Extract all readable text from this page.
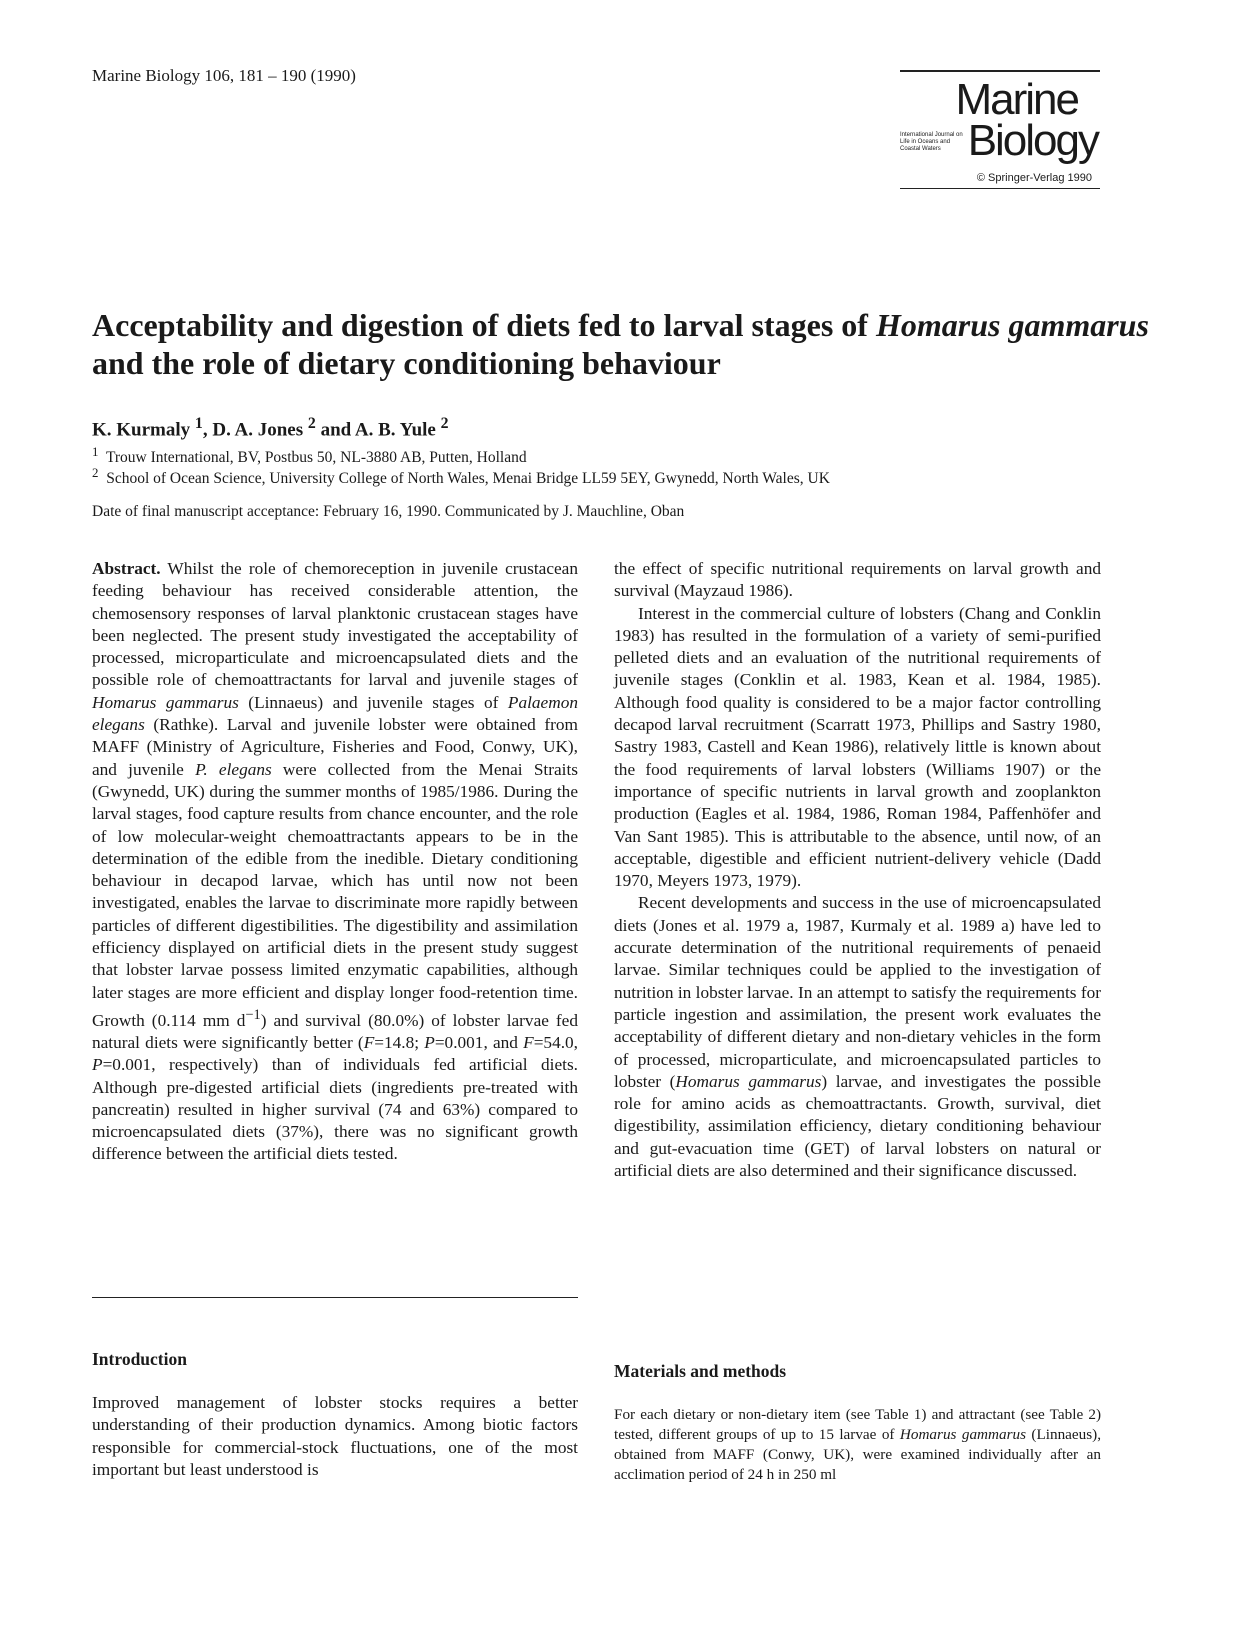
Marine Biology 106, 181 – 190 (1990)	Marine
International Journal on Life in Oceans and Coastal Waters Biology
© Springer-Verlag 1990
Acceptability and digestion of diets fed to larval stages of Homarus gammarus and the role of dietary conditioning behaviour
K. Kurmaly $^1$, D. A. Jones $^2$ and A. B. Yule $^2$
$^1$ Trouw International, BV, Postbus 50, NL-3880 AB, Putten, Holland
$^2$ School of Ocean Science, University College of North Wales, Menai Bridge LL59 5EY, Gwynedd, North Wales, UK
Date of final manuscript acceptance: February 16, 1990. Communicated by J. Mauchline, Oban

Abstract. Whilst the role of chemoreception in juvenile crustacean feeding behaviour has received considerable attention, the chemosensory responses of larval planktonic crustacean stages have been neglected. The present study investigated the acceptability of processed, microparticulate and microencapsulated diets and the possible role of chemoattractants for larval and juvenile stages of Homarus gammarus (Linnaeus) and juvenile stages of Palaemon elegans (Rathke). Larval and juvenile lobster were obtained from MAFF (Ministry of Agriculture, Fisheries and Food, Conwy, UK), and juvenile P. elegans were collected from the Menai Straits (Gwynedd, UK) during the summer months of 1985/1986. During the larval stages, food capture results from chance encounter, and the role of low molecular-weight chemoattractants appears to be in the determination of the edible from the inedible. Dietary conditioning behaviour in decapod larvae, which has until now not been investigated, enables the larvae to discriminate more rapidly between particles of different digestibilities. The digestibility and assimilation efficiency displayed on artificial diets in the present study suggest that lobster larvae possess limited enzymatic capabilities, although later stages are more efficient and display longer food-retention time. Growth (0.114 mm $d^{-1}$) and survival (80.0%) of lobster larvae fed natural diets were significantly better (F=14.8; P=0.001, and F=54.0, P=0.001, respectively) than of individuals fed artificial diets. Although pre-digested artificial diets (ingredients pre-treated with pancreatin) resulted in higher survival (74 and 63%) compared to microencapsulated diets (37%), there was no significant growth difference between the artificial diets tested.

the effect of specific nutritional requirements on larval growth and survival (Mayzaud 1986).

Interest in the commercial culture of lobsters (Chang and Conklin 1983) has resulted in the formulation of a variety of semi-purified pelleted diets and an evaluation of the nutritional requirements of juvenile stages (Conklin et al. 1983, Kean et al. 1984, 1985). Although food quality is considered to be a major factor controlling decapod larval recruitment (Scarratt 1973, Phillips and Sastry 1980, Sastry 1983, Castell and Kean 1986), relatively little is known about the food requirements of larval lobsters (Williams 1907) or the importance of specific nutrients in larval growth and zooplankton production (Eagles et al. 1984, 1986, Roman 1984, Paffenhöfer and Van Sant 1985). This is attributable to the absence, until now, of an acceptable, digestible and efficient nutrient-delivery vehicle (Dadd 1970, Meyers 1973, 1979).

Recent developments and success in the use of microencapsulated diets (Jones et al. 1979 a, 1987, Kurmaly et al. 1989 a) have led to accurate determination of the nutritional requirements of penaeid larvae. Similar techniques could be applied to the investigation of nutrition in lobster larvae. In an attempt to satisfy the requirements for particle ingestion and assimilation, the present work evaluates the acceptability of different dietary and non-dietary vehicles in the form of processed, microparticulate, and microencapsulated particles to lobster (Homarus gammarus) larvae, and investigates the possible role for amino acids as chemoattractants. Growth, survival, diet digestibility, assimilation efficiency, dietary conditioning behaviour and gut-evacuation time (GET) of larval lobsters on natural or artificial diets are also determined and their significance discussed.

Introduction

Improved management of lobster stocks requires a better understanding of their production dynamics. Among biotic factors responsible for commercial-stock fluctuations, one of the most important but least understood is

Materials and methods

For each dietary or non-dietary item (see Table 1) and attractant (see Table 2) tested, different groups of up to 15 larvae of Homarus gammarus (Linnaeus), obtained from MAFF (Conwy, UK), were examined individually after an acclimation period of 24 h in 250 ml
